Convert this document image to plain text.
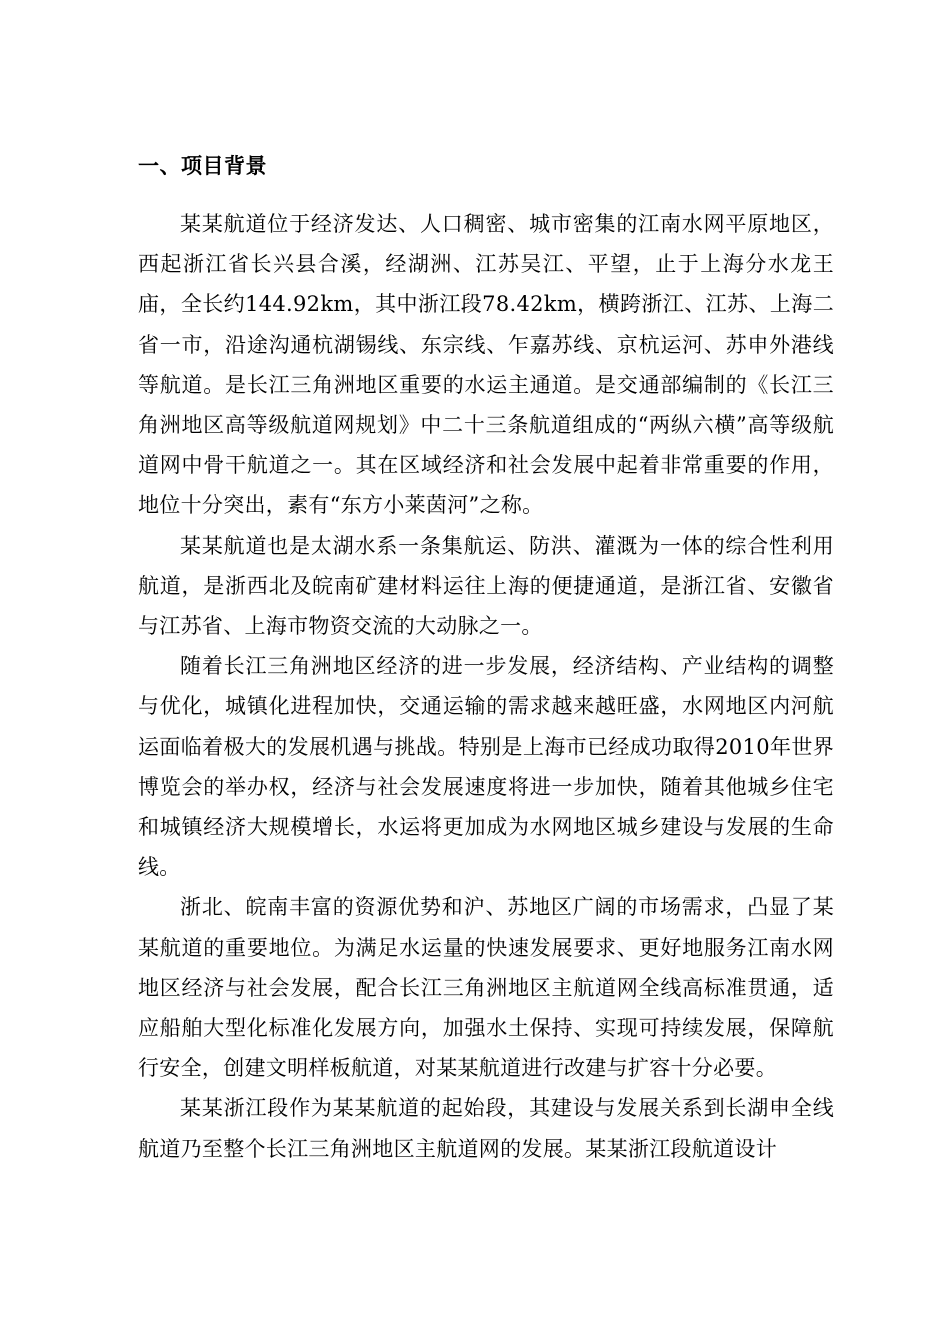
一、项目背景

某某航道位于经济发达、人口稠密、城市密集的江南水网平原地区，西起浙江省长兴县合溪，经湖洲、江苏吴江、平望，止于上海分水龙王庙，全长约144.92km，其中浙江段78.42km，横跨浙江、江苏、上海二省一市，沿途沟通杭湖锡线、东宗线、乍嘉苏线、京杭运河、苏申外港线等航道。是长江三角洲地区重要的水运主通道。是交通部编制的《长江三角洲地区高等级航道网规划》中二十三条航道组成的“两纵六横”高等级航道网中骨干航道之一。其在区域经济和社会发展中起着非常重要的作用，地位十分突出，素有“东方小莱茵河”之称。

某某航道也是太湖水系一条集航运、防洪、灌溉为一体的综合性利用航道，是浙西北及皖南矿建材料运往上海的便捷通道，是浙江省、安徽省与江苏省、上海市物资交流的大动脉之一。

随着长江三角洲地区经济的进一步发展，经济结构、产业结构的调整与优化，城镇化进程加快，交通运输的需求越来越旺盛，水网地区内河航运面临着极大的发展机遇与挑战。特别是上海市已经成功取得2010年世界博览会的举办权，经济与社会发展速度将进一步加快，随着其他城乡住宅和城镇经济大规模增长，水运将更加成为水网地区城乡建设与发展的生命线。

浙北、皖南丰富的资源优势和沪、苏地区广阔的市场需求，凸显了某某航道的重要地位。为满足水运量的快速发展要求、更好地服务江南水网地区经济与社会发展，配合长江三角洲地区主航道网全线高标准贯通，适应船舶大型化标准化发展方向，加强水土保持、实现可持续发展，保障航行安全，创建文明样板航道，对某某航道进行改建与扩容十分必要。

某某浙江段作为某某航道的起始段，其建设与发展关系到长湖申全线航道乃至整个长江三角洲地区主航道网的发展。某某浙江段航道设计
